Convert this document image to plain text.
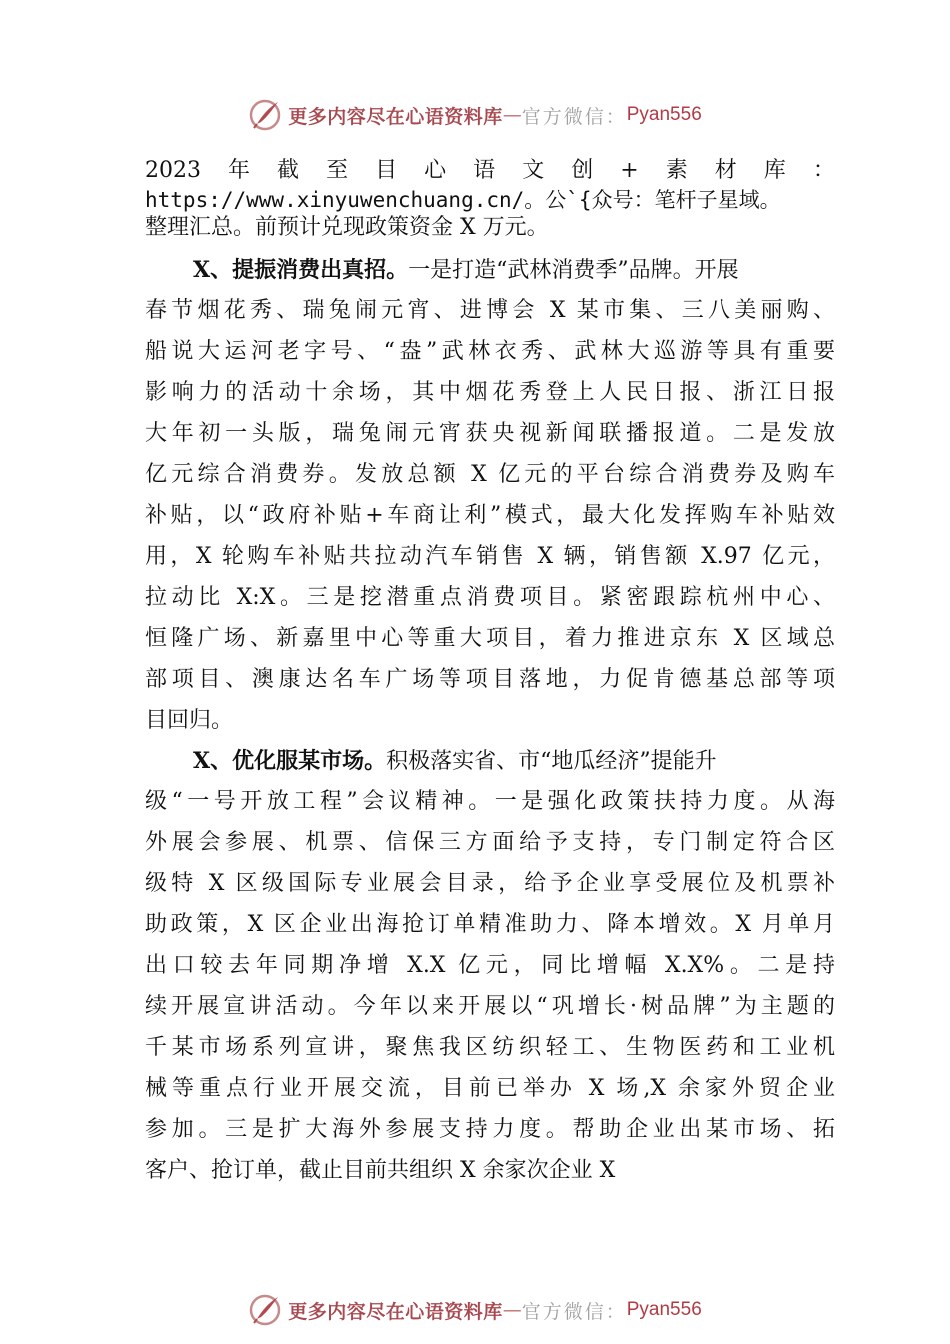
更多内容尽在心语资料库 — 官方微信： Pyan556
2023 年 截 至 目 心 语 文 创 + 素 材 库 ：
https://www.xinyuwenchuang.cn/。公`{众号：笔杆子星域。
整理汇总。前预计兑现政策资金 X 万元。
X、提振消费出真招。一是打造“武林消费季”品牌。开展
春节烟花秀、瑞兔闹元宵、进博会 X 某市集、三八美丽购、
船说大运河老字号、“盎”武林衣秀、武林大巡游等具有重要
影响力的活动十余场，其中烟花秀登上人民日报、浙江日报
大年初一头版，瑞兔闹元宵获央视新闻联播报道。二是发放
亿元综合消费券。发放总额 X 亿元的平台综合消费券及购车
补贴，以“政府补贴+车商让利”模式，最大化发挥购车补贴效
用，X 轮购车补贴共拉动汽车销售 X 辆，销售额 X.97 亿元，
拉动比 X:X。三是挖潜重点消费项目。紧密跟踪杭州中心、
恒隆广场、新嘉里中心等重大项目，着力推进京东 X 区域总
部项目、澳康达名车广场等项目落地，力促肯德基总部等项
目回归。
X、优化服某市场。积极落实省、市“地瓜经济”提能升
级“一号开放工程”会议精神。一是强化政策扶持力度。从海
外展会参展、机票、信保三方面给予支持，专门制定符合区
级特 X 区级国际专业展会目录，给予企业享受展位及机票补
助政策，X 区企业出海抢订单精准助力、降本增效。X 月单月
出口较去年同期净增 X.X 亿元，同比增幅 X.X%。二是持
续开展宣讲活动。今年以来开展以“巩增长·树品牌”为主题的
千某市场系列宣讲，聚焦我区纺织轻工、生物医药和工业机
械等重点行业开展交流，目前已举办 X 场,X 余家外贸企业
参加。三是扩大海外参展支持力度。帮助企业出某市场、拓
客户、抢订单，截止目前共组织 X 余家次企业 X
更多内容尽在心语资料库 — 官方微信： Pyan556
